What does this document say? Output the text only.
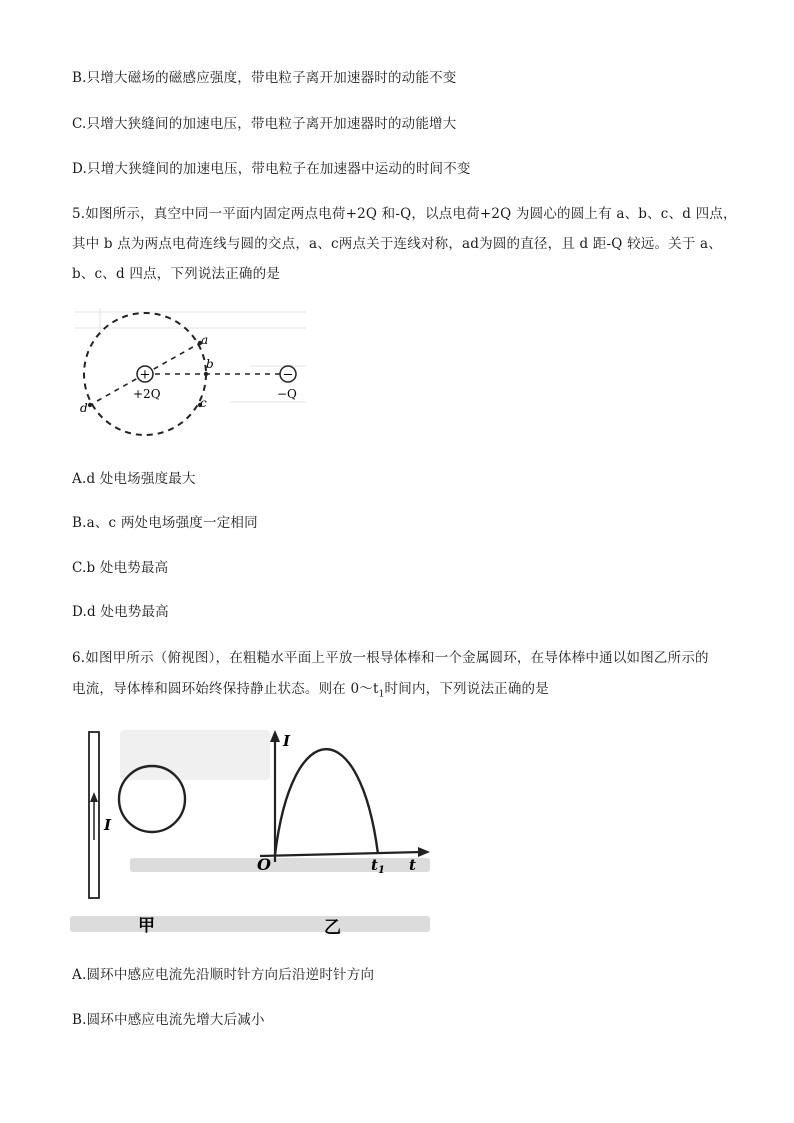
B.只增大磁场的磁感应强度，带电粒子离开加速器时的动能不变
C.只增大狭缝间的加速电压，带电粒子离开加速器时的动能增大
D.只增大狭缝间的加速电压，带电粒子在加速器中运动的时间不变
5.如图所示，真空中同一平面内固定两点电荷+2Q 和-Q，以点电荷+2Q 为圆心的圆上有 a、b、c、d 四点，
其中 b 点为两点电荷连线与圆的交点，a、c两点关于连线对称，ad为圆的直径，且 d 距-Q 较远。关于 a、
b、c、d 四点，下列说法正确的是
+	−
a
b
c
d
+2Q	−Q
A.d 处电场强度最大
B.a、c 两处电场强度一定相同
C.b 处电势最高
D.d 处电势最高
6.如图甲所示（俯视图），在粗糙水平面上平放一根导体棒和一个金属圆环，在导体棒中通以如图乙所示的
电流，导体棒和圆环始终保持静止状态。则在 $0\sim t_1$时间内，下列说法正确的是
I
甲
I
t
O	$t_1$
乙
A.圆环中感应电流先沿顺时针方向后沿逆时针方向
B.圆环中感应电流先增大后减小
